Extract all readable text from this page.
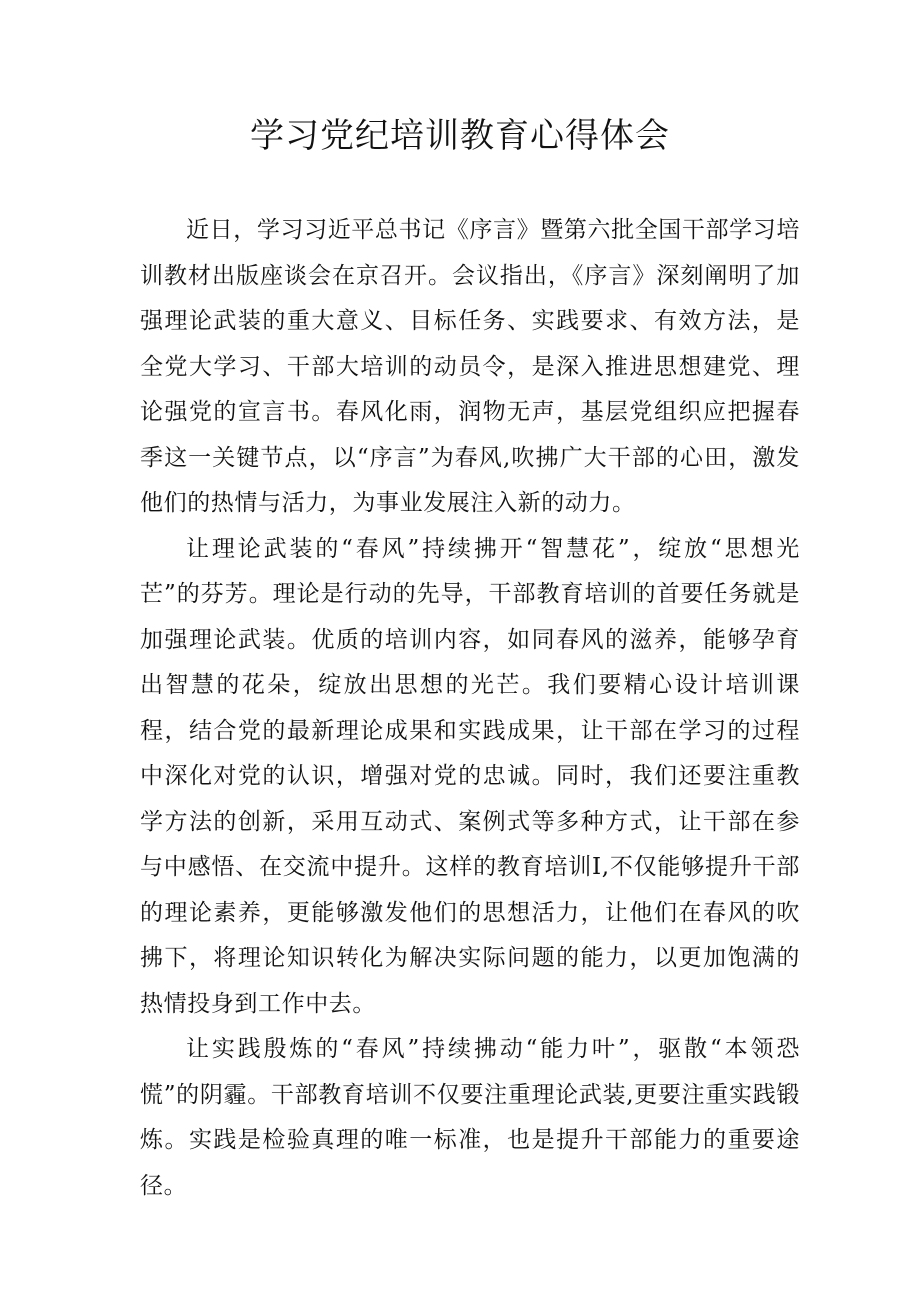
学习党纪培训教育心得体会

近日，学习习近平总书记《序言》暨第六批全国干部学习培训教材出版座谈会在京召开。会议指出，《序言》深刻阐明了加强理论武装的重大意义、目标任务、实践要求、有效方法，是全党大学习、干部大培训的动员令，是深入推进思想建党、理论强党的宣言书。春风化雨，润物无声，基层党组织应把握春季这一关键节点，以“序言”为春风,吹拂广大干部的心田，激发他们的热情与活力，为事业发展注入新的动力。

让理论武装的“春风”持续拂开“智慧花”，绽放“思想光芒”的芬芳。理论是行动的先导，干部教育培训的首要任务就是加强理论武装。优质的培训内容，如同春风的滋养，能够孕育出智慧的花朵，绽放出思想的光芒。我们要精心设计培训课程，结合党的最新理论成果和实践成果，让干部在学习的过程中深化对党的认识，增强对党的忠诚。同时，我们还要注重教学方法的创新，采用互动式、案例式等多种方式，让干部在参与中感悟、在交流中提升。这样的教育培训I,不仅能够提升干部的理论素养，更能够激发他们的思想活力，让他们在春风的吹拂下，将理论知识转化为解决实际问题的能力，以更加饱满的热情投身到工作中去。

让实践殷炼的“春风”持续拂动“能力叶”，驱散“本领恐慌”的阴霾。干部教育培训不仅要注重理论武装,更要注重实践锻炼。实践是检验真理的唯一标准，也是提升干部能力的重要途径。
